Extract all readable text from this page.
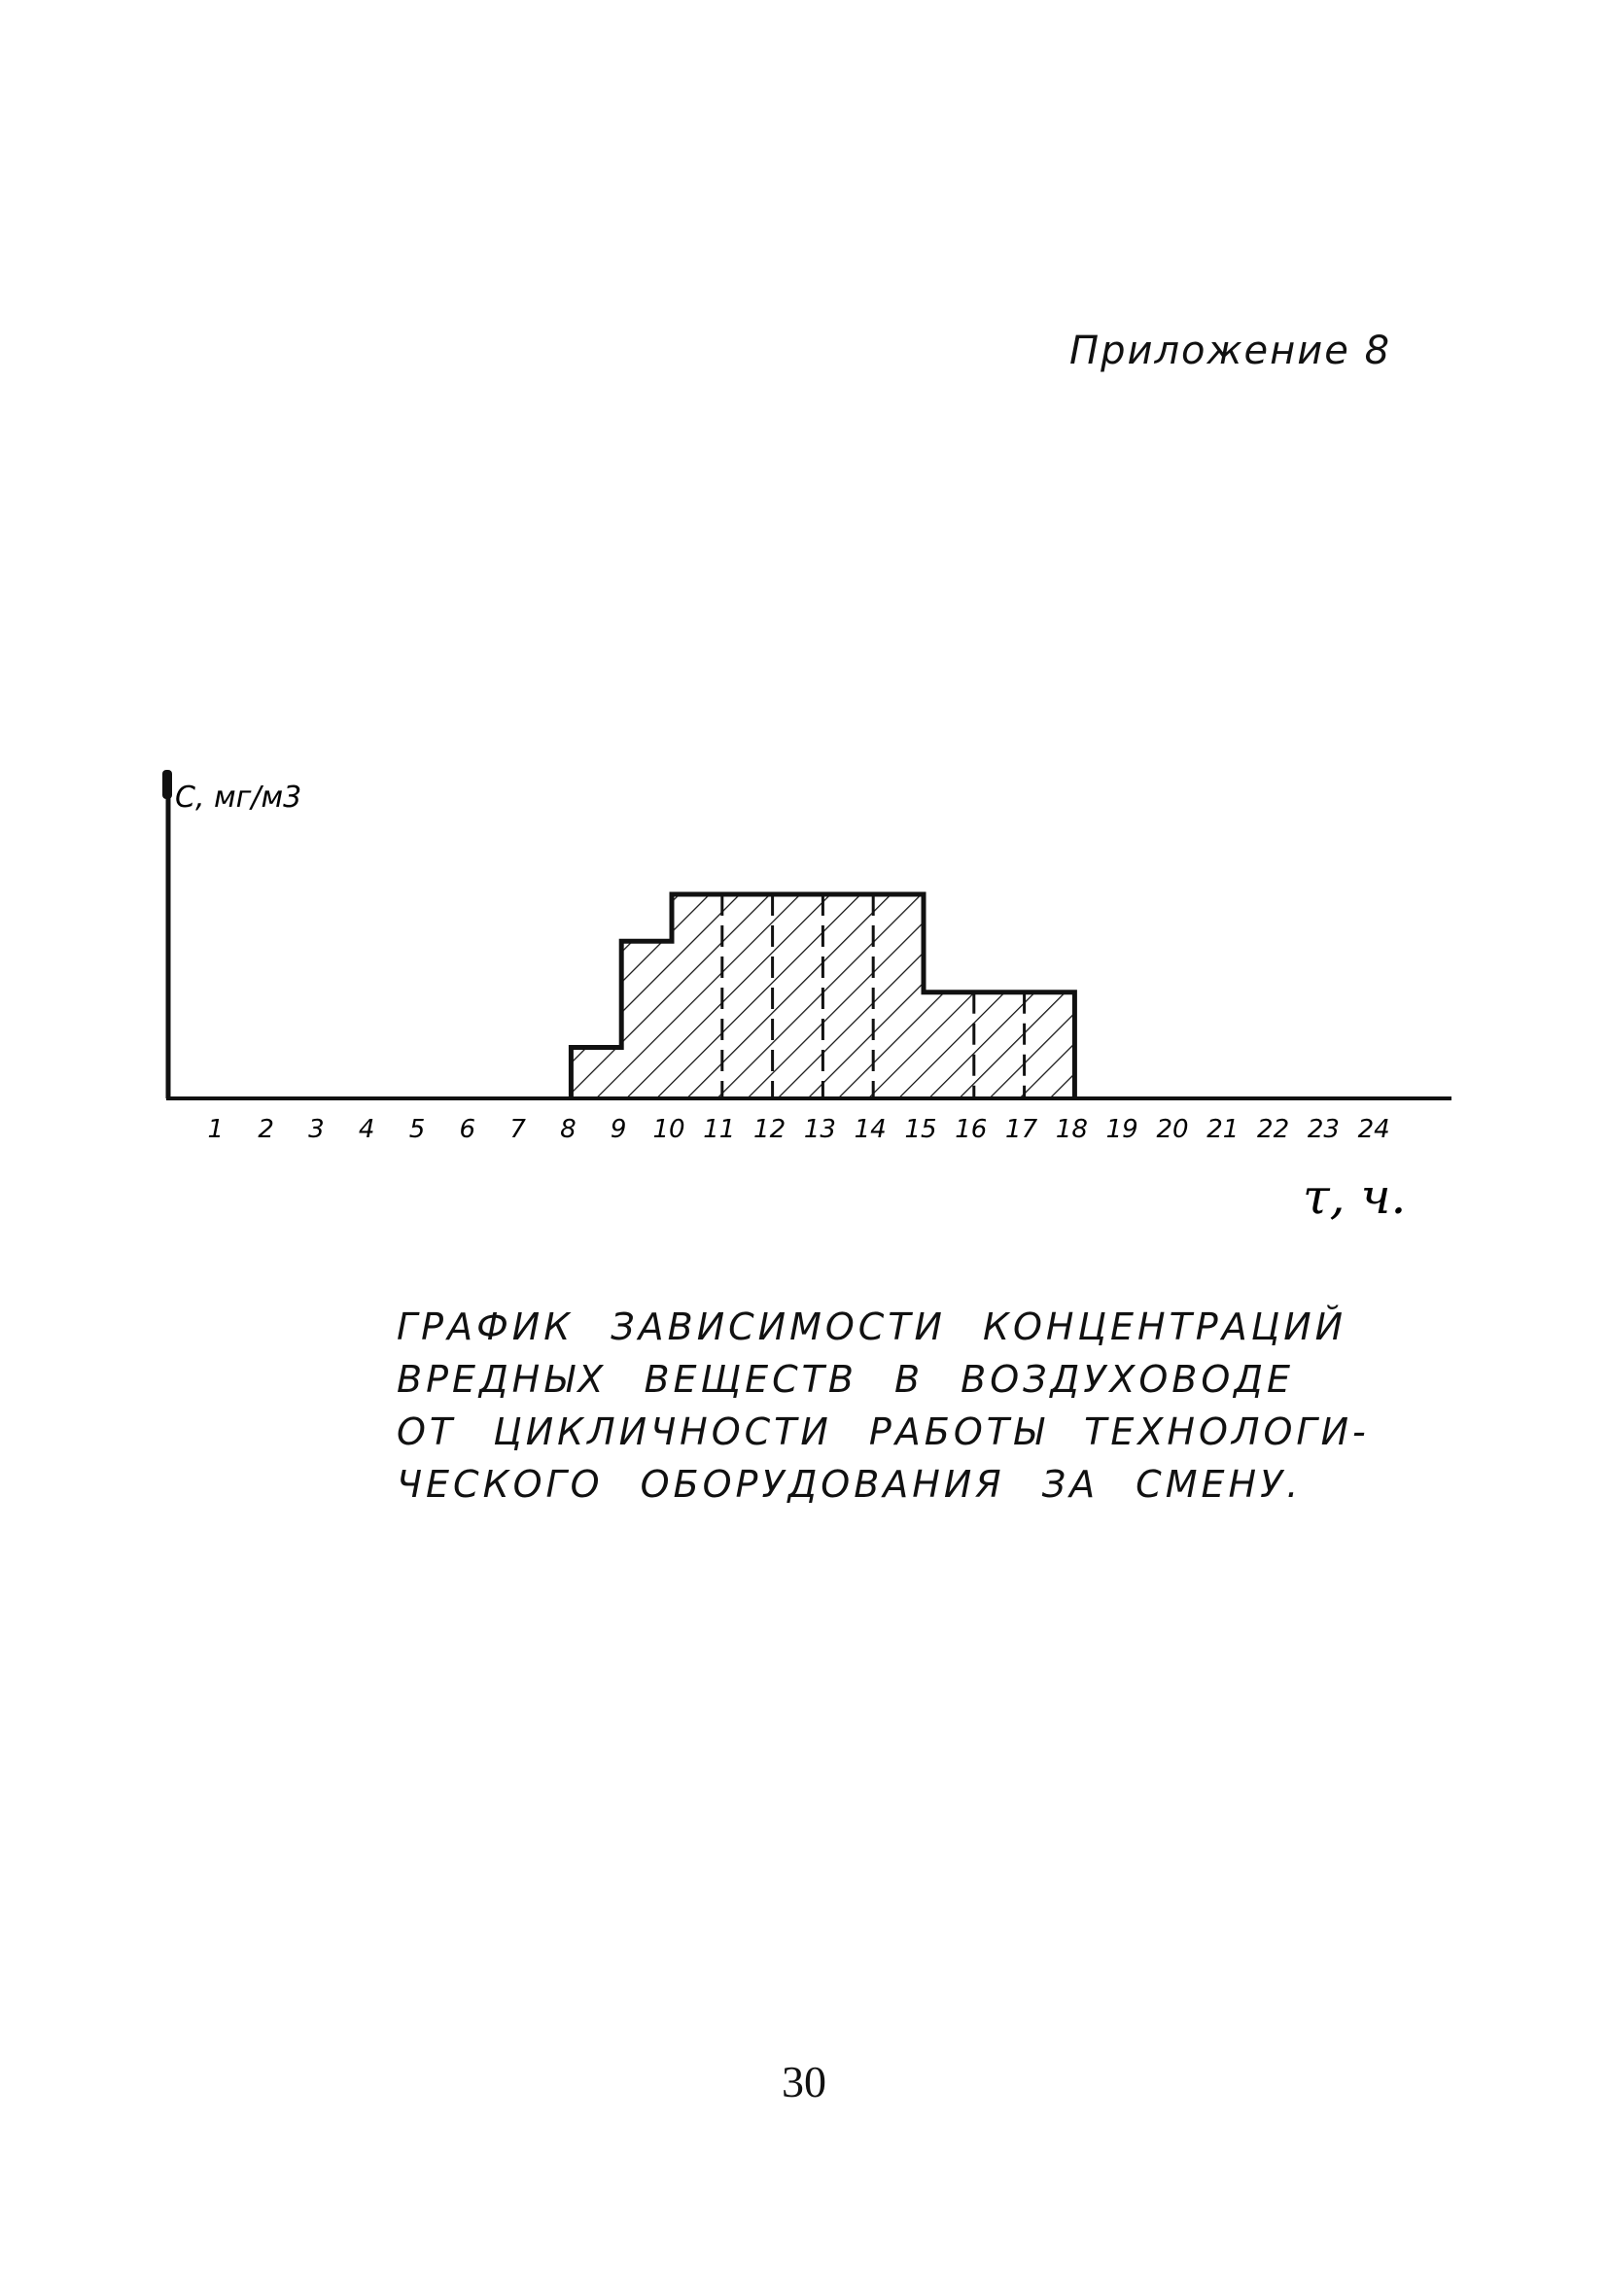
Приложение 8
1 2 3 4 5 6 7 8 9 10 11 12 13 14 15 16 17 18 19 20 21 22 23 24
C, мг/м3
τ, ч.
ГРАФИК ЗАВИСИМОСТИ КОНЦЕНТРАЦИЙ
ВРЕДНЫХ ВЕЩЕСТВ В ВОЗДУХОВОДЕ
ОТ ЦИКЛИЧНОСТИ РАБОТЫ ТЕХНОЛОГИ-
ЧЕСКОГО ОБОРУДОВАНИЯ ЗА СМЕНУ.
30
